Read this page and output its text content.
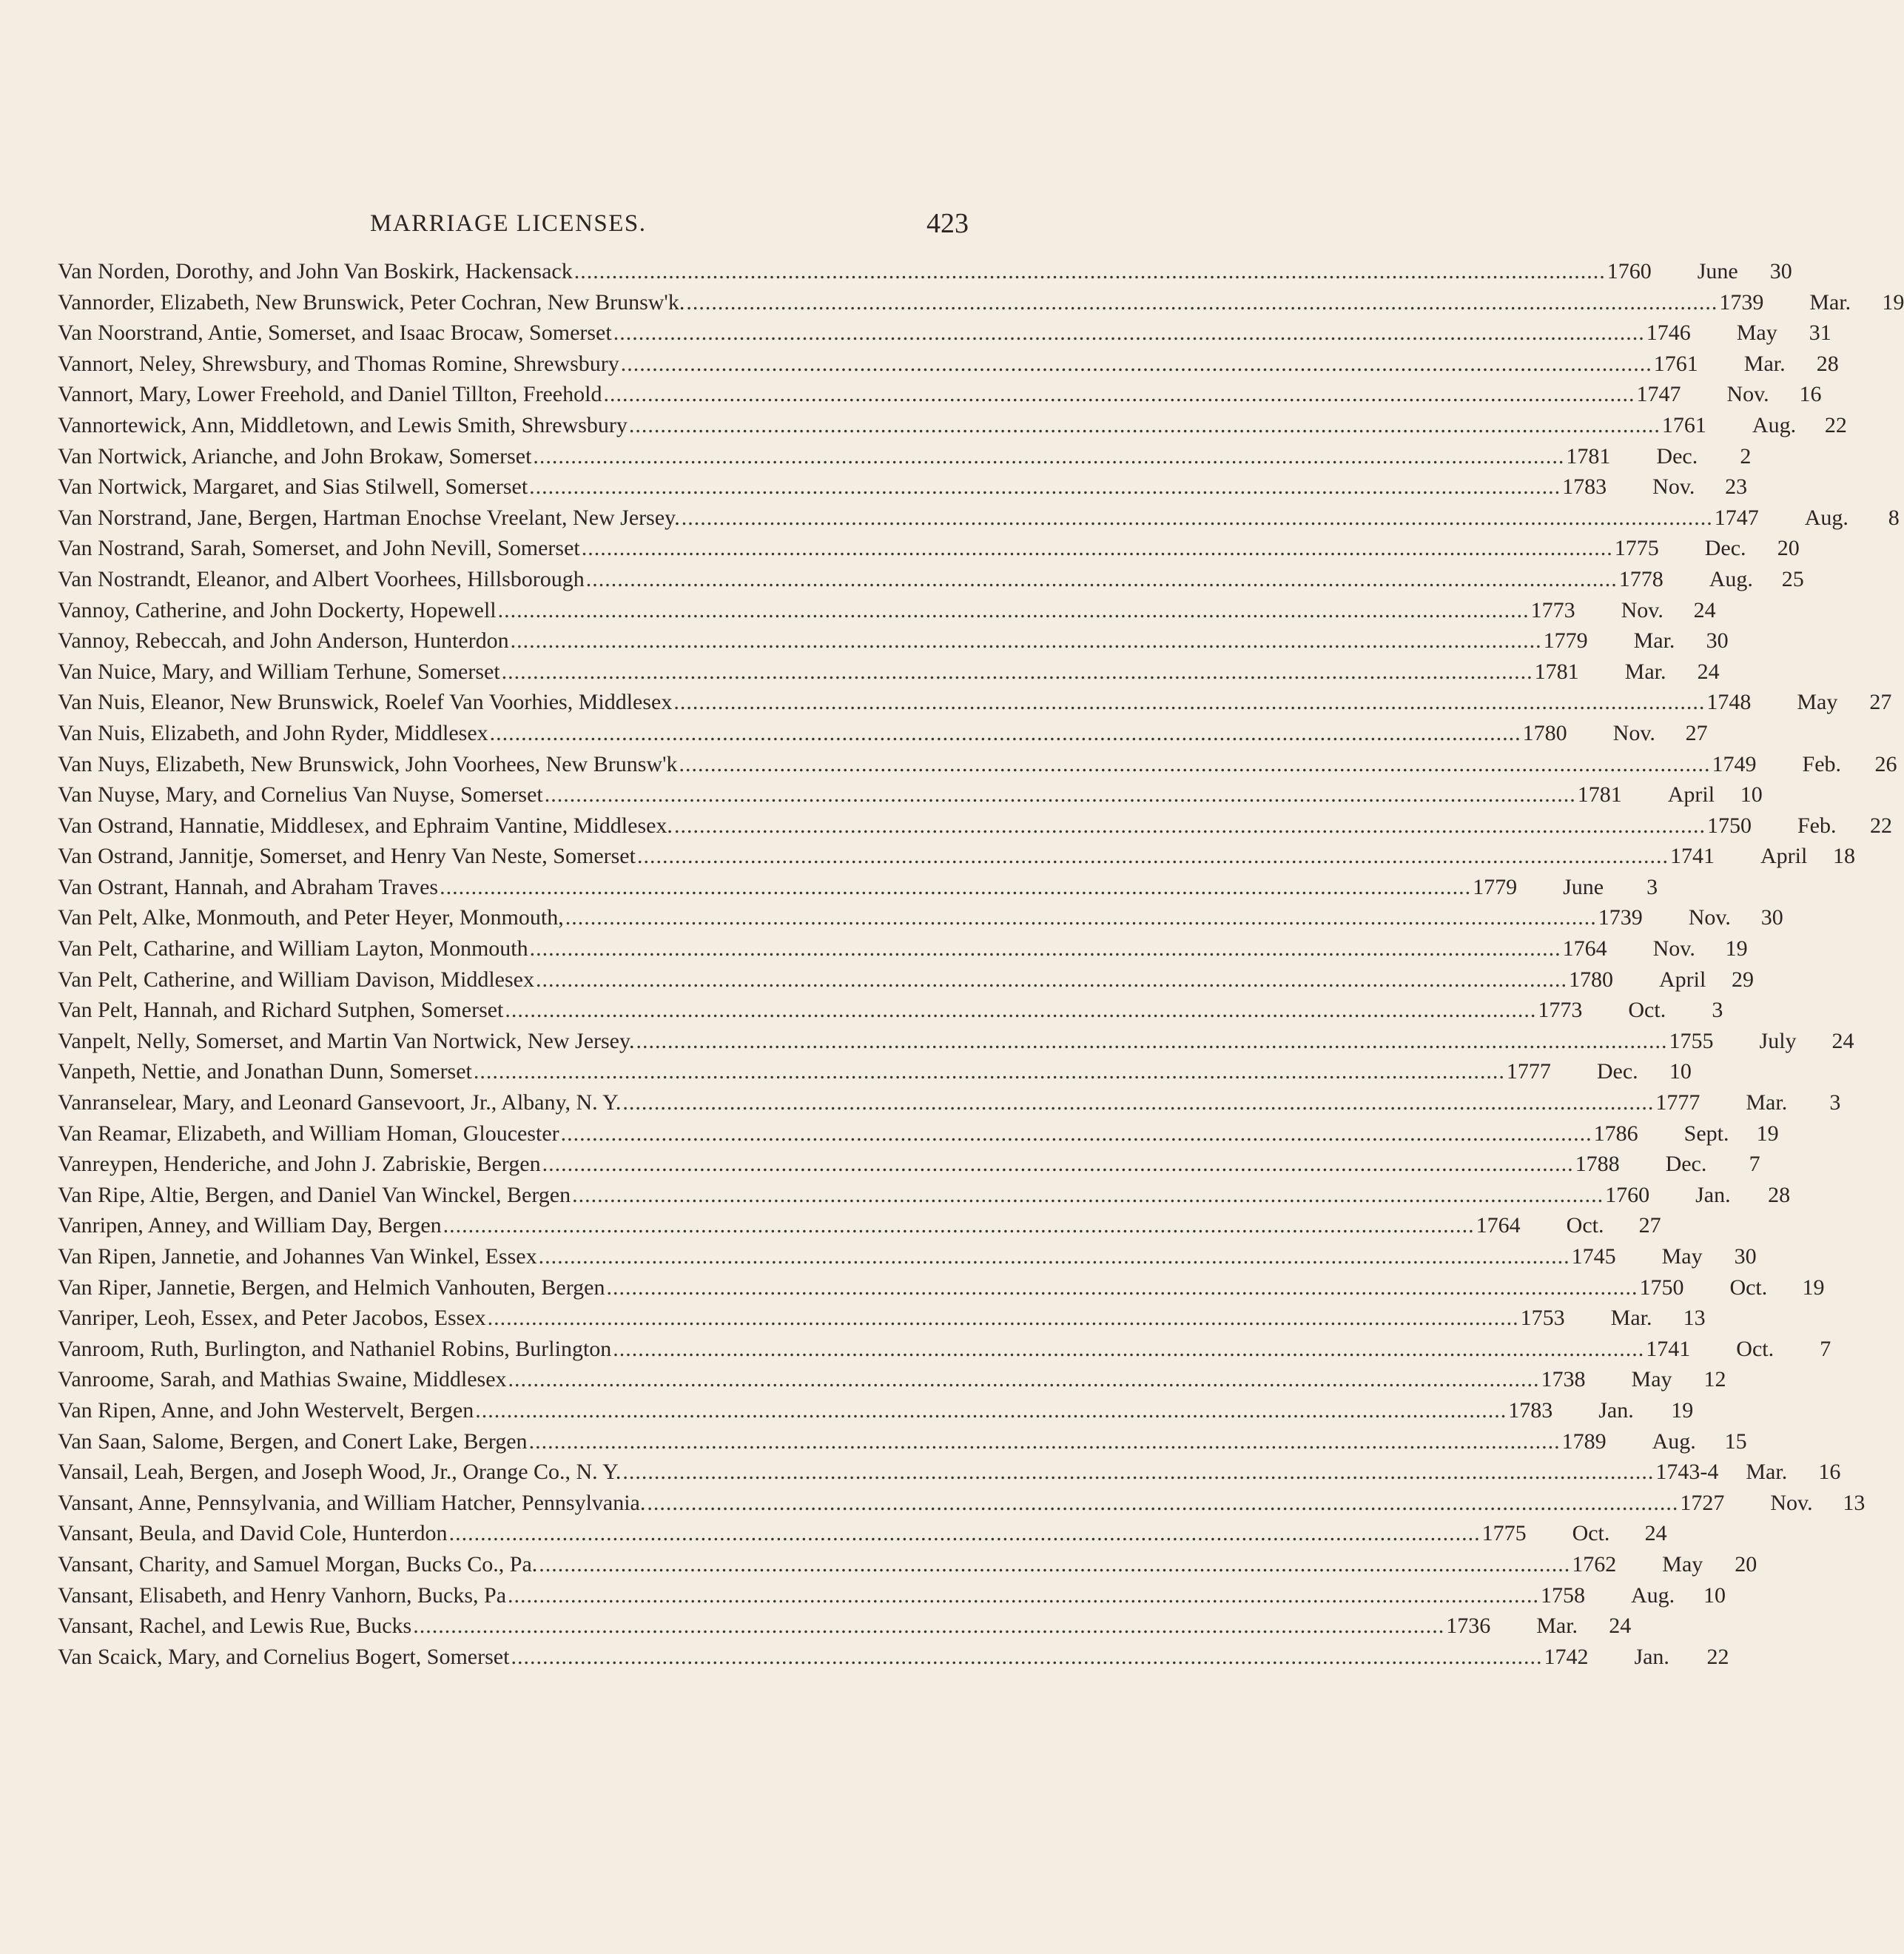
MARRIAGE LICENSES.	423
Van Norden, Dorothy, and John Van Boskirk, Hackensack .....	1760	June	30
Vannorder, Elizabeth, New Brunswick, Peter Cochran, New Brunsw'k. .....	1739	Mar.	19
Van Noorstrand, Antie, Somerset, and Isaac Brocaw, Somerset .....	1746	May	31
Vannort, Neley, Shrewsbury, and Thomas Romine, Shrewsbury .....	1761	Mar.	28
Vannort, Mary, Lower Freehold, and Daniel Tillton, Freehold .....	1747	Nov.	16
Vannortewick, Ann, Middletown, and Lewis Smith, Shrewsbury .....	1761	Aug.	22
Van Nortwick, Arianche, and John Brokaw, Somerset .....	1781	Dec.	2
Van Nortwick, Margaret, and Sias Stilwell, Somerset .....	1783	Nov.	23
Van Norstrand, Jane, Bergen, Hartman Enochse Vreelant, New Jersey. .....	1747	Aug.	8
Van Nostrand, Sarah, Somerset, and John Nevill, Somerset .....	1775	Dec.	20
Van Nostrandt, Eleanor, and Albert Voorhees, Hillsborough .....	1778	Aug.	25
Vannoy, Catherine, and John Dockerty, Hopewell .....	1773	Nov.	24
Vannoy, Rebeccah, and John Anderson, Hunterdon .....	1779	Mar.	30
Van Nuice, Mary, and William Terhune, Somerset .....	1781	Mar.	24
Van Nuis, Eleanor, New Brunswick, Roelef Van Voorhies, Middlesex .....	1748	May	27
Van Nuis, Elizabeth, and John Ryder, Middlesex .....	1780	Nov.	27
Van Nuys, Elizabeth, New Brunswick, John Voorhees, New Brunsw'k .....	1749	Feb.	26
Van Nuyse, Mary, and Cornelius Van Nuyse, Somerset .....	1781	April	10
Van Ostrand, Hannatie, Middlesex, and Ephraim Vantine, Middlesex. .....	1750	Feb.	22
Van Ostrand, Jannitje, Somerset, and Henry Van Neste, Somerset .....	1741	April	18
Van Ostrant, Hannah, and Abraham Traves .....	1779	June	3
Van Pelt, Alke, Monmouth, and Peter Heyer, Monmouth, .....	1739	Nov.	30
Van Pelt, Catharine, and William Layton, Monmouth .....	1764	Nov.	19
Van Pelt, Catherine, and William Davison, Middlesex .....	1780	April	29
Van Pelt, Hannah, and Richard Sutphen, Somerset .....	1773	Oct.	3
Vanpelt, Nelly, Somerset, and Martin Van Nortwick, New Jersey. .....	1755	July	24
Vanpeth, Nettie, and Jonathan Dunn, Somerset .....	1777	Dec.	10
Vanranselear, Mary, and Leonard Gansevoort, Jr., Albany, N. Y. .....	1777	Mar.	3
Van Reamar, Elizabeth, and William Homan, Gloucester .....	1786	Sept.	19
Vanreypen, Henderiche, and John J. Zabriskie, Bergen .....	1788	Dec.	7
Van Ripe, Altie, Bergen, and Daniel Van Winckel, Bergen .....	1760	Jan.	28
Vanripen, Anney, and William Day, Bergen .....	1764	Oct.	27
Van Ripen, Jannetie, and Johannes Van Winkel, Essex .....	1745	May	30
Van Riper, Jannetie, Bergen, and Helmich Vanhouten, Bergen .....	1750	Oct.	19
Vanriper, Leoh, Essex, and Peter Jacobos, Essex .....	1753	Mar.	13
Vanroom, Ruth, Burlington, and Nathaniel Robins, Burlington .....	1741	Oct.	7
Vanroome, Sarah, and Mathias Swaine, Middlesex .....	1738	May	12
Van Ripen, Anne, and John Westervelt, Bergen .....	1783	Jan.	19
Van Saan, Salome, Bergen, and Conert Lake, Bergen .....	1789	Aug.	15
Vansail, Leah, Bergen, and Joseph Wood, Jr., Orange Co., N. Y. .....	1743-4 Mar.	16
Vansant, Anne, Pennsylvania, and William Hatcher, Pennsylvania. .....	1727	Nov.	13
Vansant, Beula, and David Cole, Hunterdon .....	1775	Oct.	24
Vansant, Charity, and Samuel Morgan, Bucks Co., Pa. .....	1762	May	20
Vansant, Elisabeth, and Henry Vanhorn, Bucks, Pa .....	1758	Aug.	10
Vansant, Rachel, and Lewis Rue, Bucks .....	1736	Mar.	24
Van Scaick, Mary, and Cornelius Bogert, Somerset .....	1742	Jan.	22
